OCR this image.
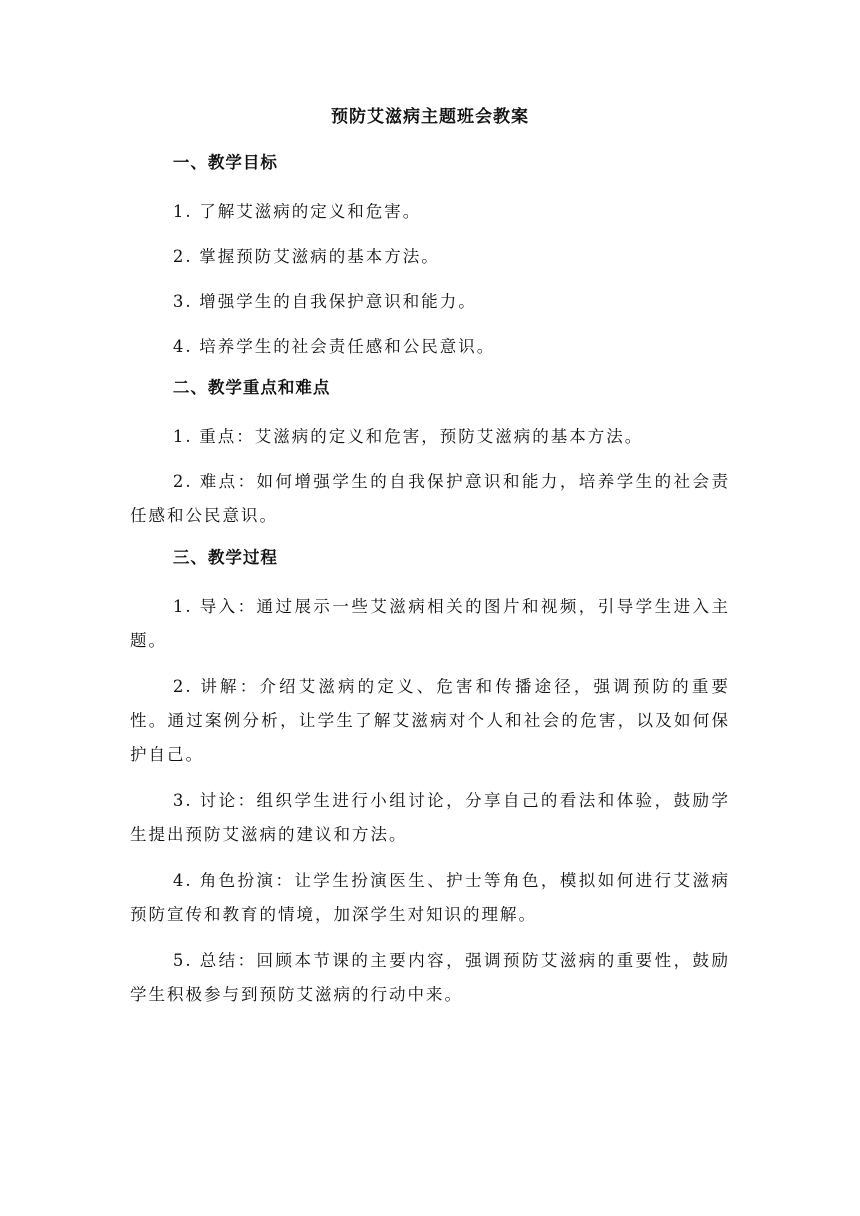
预防艾滋病主题班会教案
一、教学目标
1. 了解艾滋病的定义和危害。
2. 掌握预防艾滋病的基本方法。
3. 增强学生的自我保护意识和能力。
4. 培养学生的社会责任感和公民意识。
二、教学重点和难点
1. 重点：艾滋病的定义和危害，预防艾滋病的基本方法。
2. 难点：如何增强学生的自我保护意识和能力，培养学生的社会责任感和公民意识。
三、教学过程
1. 导入：通过展示一些艾滋病相关的图片和视频，引导学生进入主题。
2. 讲解：介绍艾滋病的定义、危害和传播途径，强调预防的重要性。通过案例分析，让学生了解艾滋病对个人和社会的危害，以及如何保护自己。
3. 讨论：组织学生进行小组讨论，分享自己的看法和体验，鼓励学生提出预防艾滋病的建议和方法。
4. 角色扮演：让学生扮演医生、护士等角色，模拟如何进行艾滋病预防宣传和教育的情境，加深学生对知识的理解。
5. 总结：回顾本节课的主要内容，强调预防艾滋病的重要性，鼓励学生积极参与到预防艾滋病的行动中来。
